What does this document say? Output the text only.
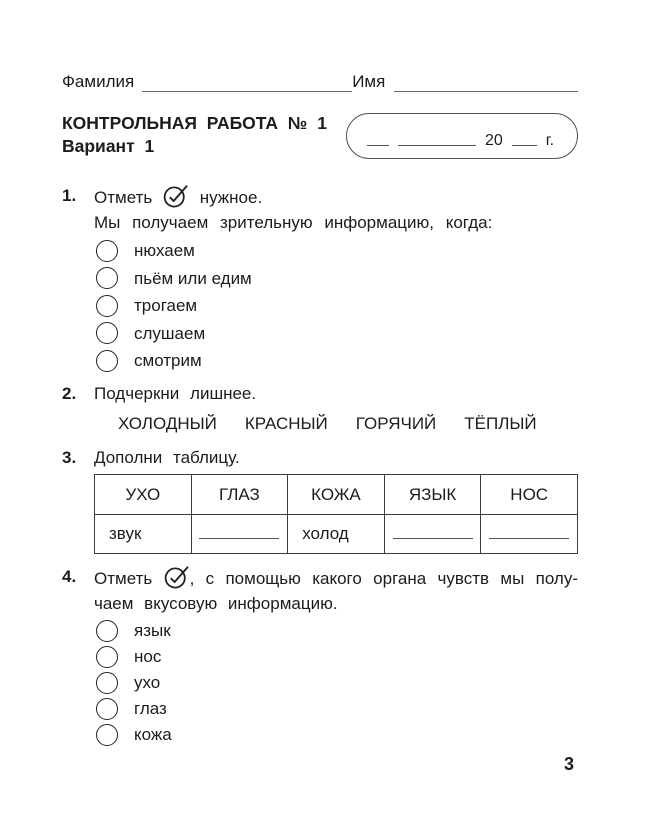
Фамилия	Имя
КОНТРОЛЬНАЯ РАБОТА № 1
Вариант 1	20	г.
1.	Отметь	нужное.
Мы получаем зрительную информацию, когда:
нюхаем
пьём или едим
трогаем
слушаем
смотрим
2.	Подчеркни лишнее.
ХОЛОДНЫЙ КРАСНЫЙ ГОРЯЧИЙ ТЁПЛЫЙ
3.	Дополни таблицу.
УХО	ГЛАЗ	КОЖА	ЯЗЫК	НОС
звук		холод		
4.	Отметь , с помощью какого органа чувств мы полу-
чаем вкусовую информацию.
язык
нос
ухо
глаз
кожа
3
